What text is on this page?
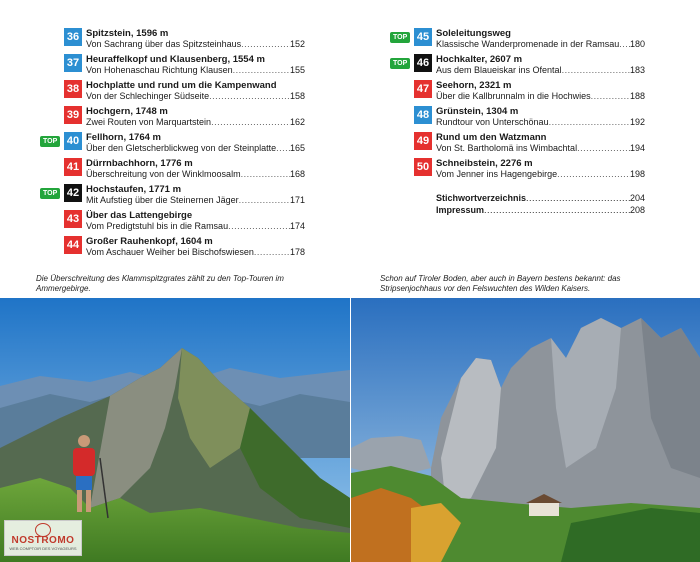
36 Spitzstein, 1596 m
Von Sachrang über das Spitzsteinhaus .....	152
37 Heuraffelkopf und Klausenberg, 1554 m
Von Hohenaschau Richtung Klausen .....	155
38 Hochplatte und rund um die Kampenwand
Von der Schlechinger Südseite .....	158
39 Hochgern, 1748 m
Zwei Routen von Marquartstein .....	162
TOP 40 Fellhorn, 1764 m
Über den Gletscherblickweg von der Steinplatte ..... 165
41 Dürrnbachhorn, 1776 m
Überschreitung von der Winklmoosalm .....	168
TOP 42 Hochstaufen, 1771 m
Mit Aufstieg über die Steinernen Jäger .....	171
43 Über das Lattengebirge
Vom Predigtstuhl bis in die Ramsau .....	174
44 Großer Rauhenkopf, 1604 m
Vom Aschauer Weiher bei Bischofswiesen .....	178
TOP 45 Soleleitungsweg
Klassische Wanderpromenade in der Ramsau ..... 180
TOP 46 Hochkalter, 2607 m
Aus dem Blaueiskar ins Ofental .....	183
47 Seehorn, 2321 m
Über die Kallbrunnalm in die Hochwies .....	188
48 Grünstein, 1304 m
Rundtour von Unterschönau .....	192
49 Rund um den Watzmann
Von St. Bartholomä ins Wimbachtal .....	194
50 Schneibstein, 2276 m
Vom Jenner ins Hagengebirge .....	198
Stichwortverzeichnis .....	204
Impressum .....	208
Die Überschreitung des Klammspitzgrates zählt zu den Top-Touren im Ammergebirge.
Schon auf Tiroler Boden, aber auch in Bayern bestens bekannt: das Stripsenjochhaus vor den Felswuchten des Wilden Kaisers.
NOSTROMO
WEB COMPTOIR DES VOYAGEURS
